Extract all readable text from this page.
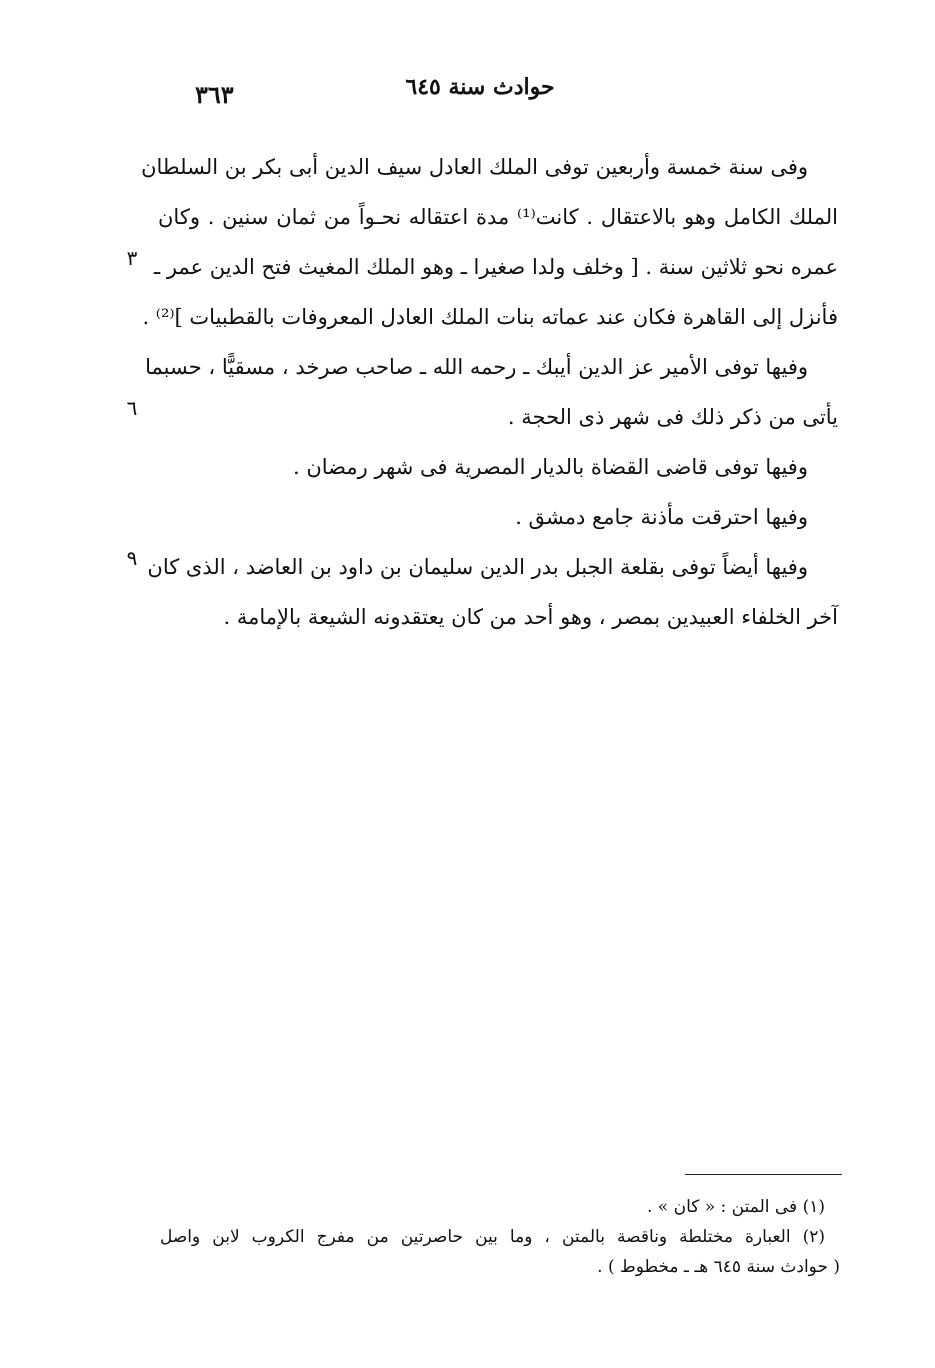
٣٦٣	حوادث سنة ٦٤٥
وفى سنة خمسة وأربعين توفى الملك العادل سيف الدين أبى بكر بن السلطان
الملك الكامل وهو بالاعتقال . كانت⁽¹⁾ مدة اعتقاله نحـواً من ثمان سنين . وكان
عمره نحو ثلاثين سنة . [ وخلف ولدا صغيرا ـ وهو الملك المغيث فتح الدين عمر ـ
فأنزل إلى القاهرة فكان عند عماته بنات الملك العادل المعروفات بالقطبيات ]⁽²⁾ .
وفيها توفى الأمير عز الدين أيبك ـ رحمه الله ـ صاحب صرخد ، مسقيًّا ، حسبما
يأتى من ذكر ذلك فى شهر ذى الحجة .
وفيها توفى قاضى القضاة بالديار المصرية فى شهر رمضان .
وفيها احترقت مأذنة جامع دمشق .
وفيها أيضاً توفى بقلعة الجبل بدر الدين سليمان بن داود بن العاضد ، الذى كان
آخر الخلفاء العبيدين بمصر ، وهو أحد من كان يعتقدونه الشيعة بالإمامة .
٣
٦
٩
(١) فى المتن : « كان » .
(٢) العبارة مختلطة وناقصة بالمتن ، وما بين حاصرتين من مفرج الكروب لابن واصل
( حوادث سنة ٦٤٥ هـ ـ مخطوط ) .
